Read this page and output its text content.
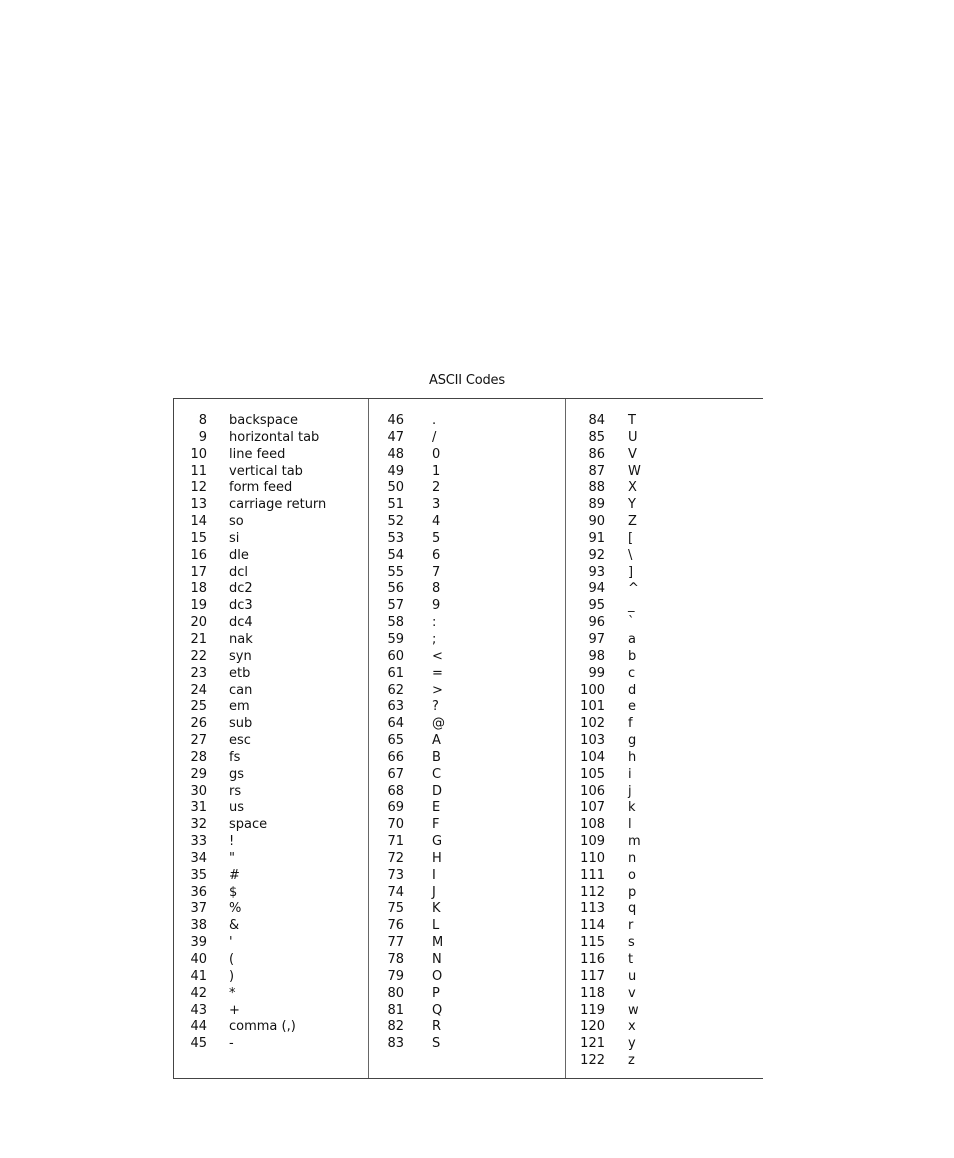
ASCII Codes
8 backspace
9 horizontal tab
10 line feed
11 vertical tab
12 form feed
13 carriage return
14 so
15 si
16 dle
17 dcl
18 dc2
19 dc3
20 dc4
21 nak
22 syn
23 etb
24 can
25 em
26 sub
27 esc
28 fs
29 gs
30 rs
31 us
32 space
33 !
34 "
35 #
36 $
37 %
38 &
39 '
40 (
41 )
42 *
43 +
44 comma (,)
45 -
46 .
47 /
48 0
49 1
50 2
51 3
52 4
53 5
54 6
55 7
56 8
57 9
58 :
59 ;
60 <
61 =
62 >
63 ?
64 @
65 A
66 B
67 C
68 D
69 E
70 F
71 G
72 H
73 I
74 J
75 K
76 L
77 M
78 N
79 O
80 P
81 Q
82 R
83 S
84 T
85 U
86 V
87 W
88 X
89 Y
90 Z
91 [
92 \
93 ]
94 ^
95 _
96 `
97 a
98 b
99 c
100 d
101 e
102 f
103 g
104 h
105 i
106 j
107 k
108 l
109 m
110 n
111 o
112 p
113 q
114 r
115 s
116 t
117 u
118 v
119 w
120 x
121 y
122 z
